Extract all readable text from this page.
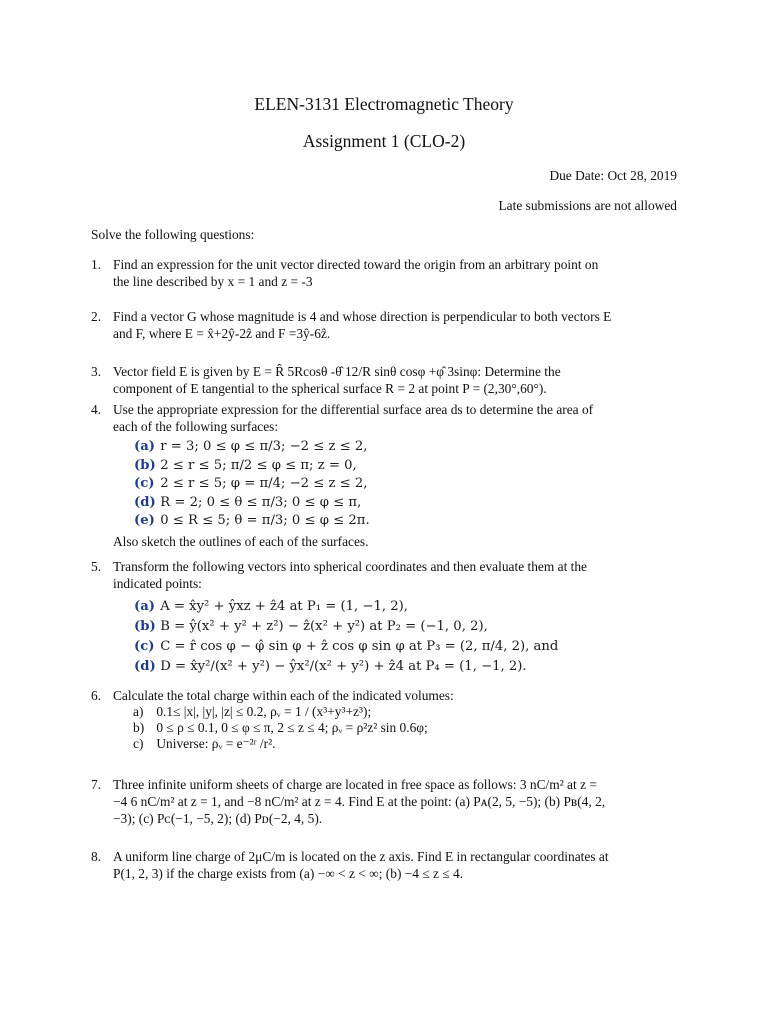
ELEN-3131 Electromagnetic Theory
Assignment 1 (CLO-2)
Due Date: Oct 28, 2019
Late submissions are not allowed
Solve the following questions:
1. Find an expression for the unit vector directed toward the origin from an arbitrary point on
the line described by x = 1 and z = -3
2. Find a vector G whose magnitude is 4 and whose direction is perpendicular to both vectors E
and F, where E = x̂+2ŷ-2ẑ and F =3ŷ-6ẑ.
3. Vector field E is given by E = R̂ 5Rcosθ -θ̂ 12/R sinθ cosφ +φ̂ 3sinφ: Determine the
component of E tangential to the spherical surface R = 2 at point P = (2,30°,60°).
4. Use the appropriate expression for the differential surface area ds to determine the area of
each of the following surfaces:
(a) r = 3; 0 ≤ φ ≤ π/3; −2 ≤ z ≤ 2,
(b) 2 ≤ r ≤ 5; π/2 ≤ φ ≤ π; z = 0,
(c) 2 ≤ r ≤ 5; φ = π/4; −2 ≤ z ≤ 2,
(d) R = 2; 0 ≤ θ ≤ π/3; 0 ≤ φ ≤ π,
(e) 0 ≤ R ≤ 5; θ = π/3; 0 ≤ φ ≤ 2π.
Also sketch the outlines of each of the surfaces.
5. Transform the following vectors into spherical coordinates and then evaluate them at the
indicated points:
(a) A = x̂y² + ŷxz + ẑ4 at P₁ = (1, −1, 2),
(b) B = ŷ(x² + y² + z²) − ẑ(x² + y²) at P₂ = (−1, 0, 2),
(c) C = r̂ cos φ − φ̂ sin φ + ẑ cos φ sin φ at P₃ = (2, π/4, 2), and
(d) D = x̂y²/(x² + y²) − ŷx²/(x² + y²) + ẑ4 at P₄ = (1, −1, 2).
6. Calculate the total charge within each of the indicated volumes:
a) 0.1≤ |x|, |y|, |z| ≤ 0.2, ρᵥ = 1 / (x³+y³+z³);
b) 0 ≤ ρ ≤ 0.1, 0 ≤ φ ≤ π, 2 ≤ z ≤ 4; ρᵥ = ρ²z² sin 0.6φ;
c) Universe: ρᵥ = e⁻²ʳ /r².
7. Three infinite uniform sheets of charge are located in free space as follows: 3 nC/m² at z =
−4 6 nC/m² at z = 1, and −8 nC/m² at z = 4. Find E at the point: (a) Pᴀ(2, 5, −5); (b) Pʙ(4, 2,
−3); (c) Pᴄ(−1, −5, 2); (d) Pᴅ(−2, 4, 5).
8. A uniform line charge of 2μC/m is located on the z axis. Find E in rectangular coordinates at
P(1, 2, 3) if the charge exists from (a) −∞ < z < ∞; (b) −4 ≤ z ≤ 4.
